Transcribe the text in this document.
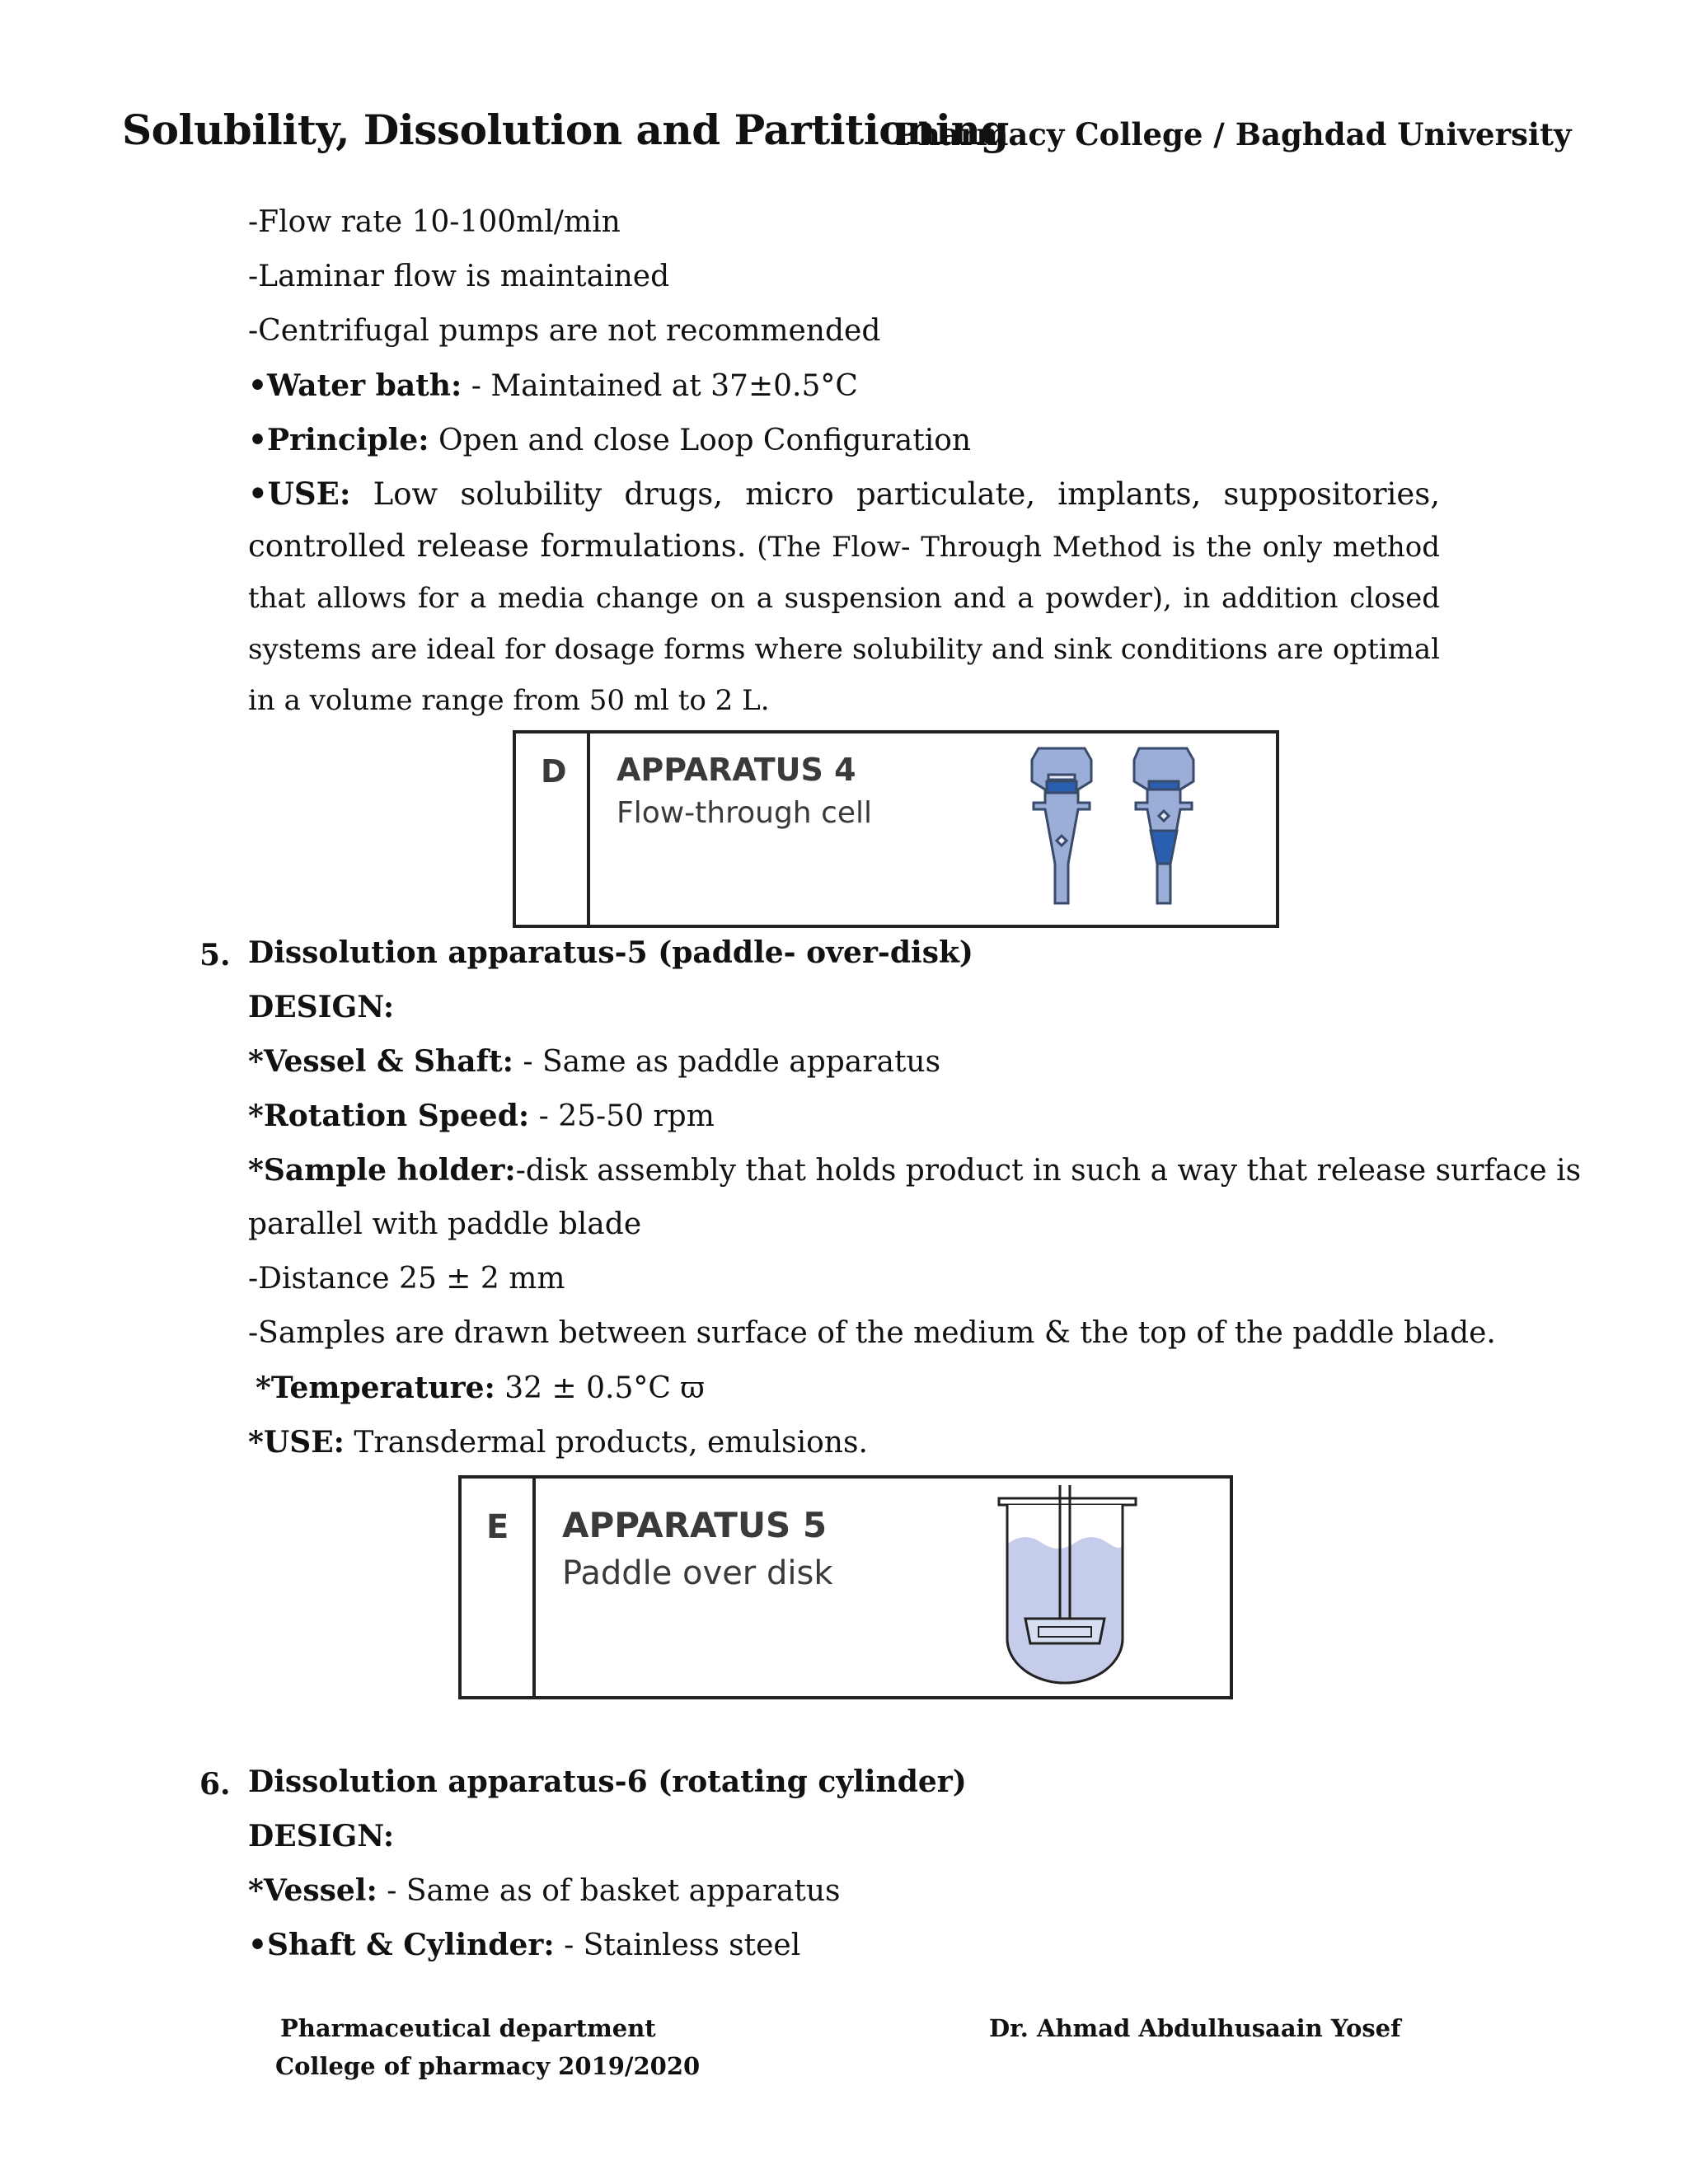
Solubility, Dissolution and Partitioning
Pharmacy College / Baghdad University
-Flow rate 10-100ml/min
-Laminar flow is maintained
-Centrifugal pumps are not recommended
•Water bath: - Maintained at 37±0.5°C
•Principle: Open and close Loop Configuration
•USE: Low solubility drugs, micro particulate, implants, suppositories, controlled release formulations. (The Flow- Through Method is the only method that allows for a media change on a suspension and a powder), in addition closed systems are ideal for dosage forms where solubility and sink conditions are optimal in a volume range from 50 ml to 2 L.
D APPARATUS 4
Flow-through cell
5. Dissolution apparatus-5 (paddle- over-disk)
DESIGN:
*Vessel & Shaft: - Same as paddle apparatus
*Rotation Speed: - 25-50 rpm
*Sample holder:-disk assembly that holds product in such a way that release surface is
parallel with paddle blade
-Distance 25 ± 2 mm
-Samples are drawn between surface of the medium & the top of the paddle blade.
*Temperature: 32 ± 0.5°C ϖ
*USE: Transdermal products, emulsions.
E APPARATUS 5
Paddle over disk
6. Dissolution apparatus-6 (rotating cylinder)
DESIGN:
*Vessel: - Same as of basket apparatus
•Shaft & Cylinder: - Stainless steel
Pharmaceutical department
College of pharmacy 2019/2020
Dr. Ahmad Abdulhusaain Yosef
